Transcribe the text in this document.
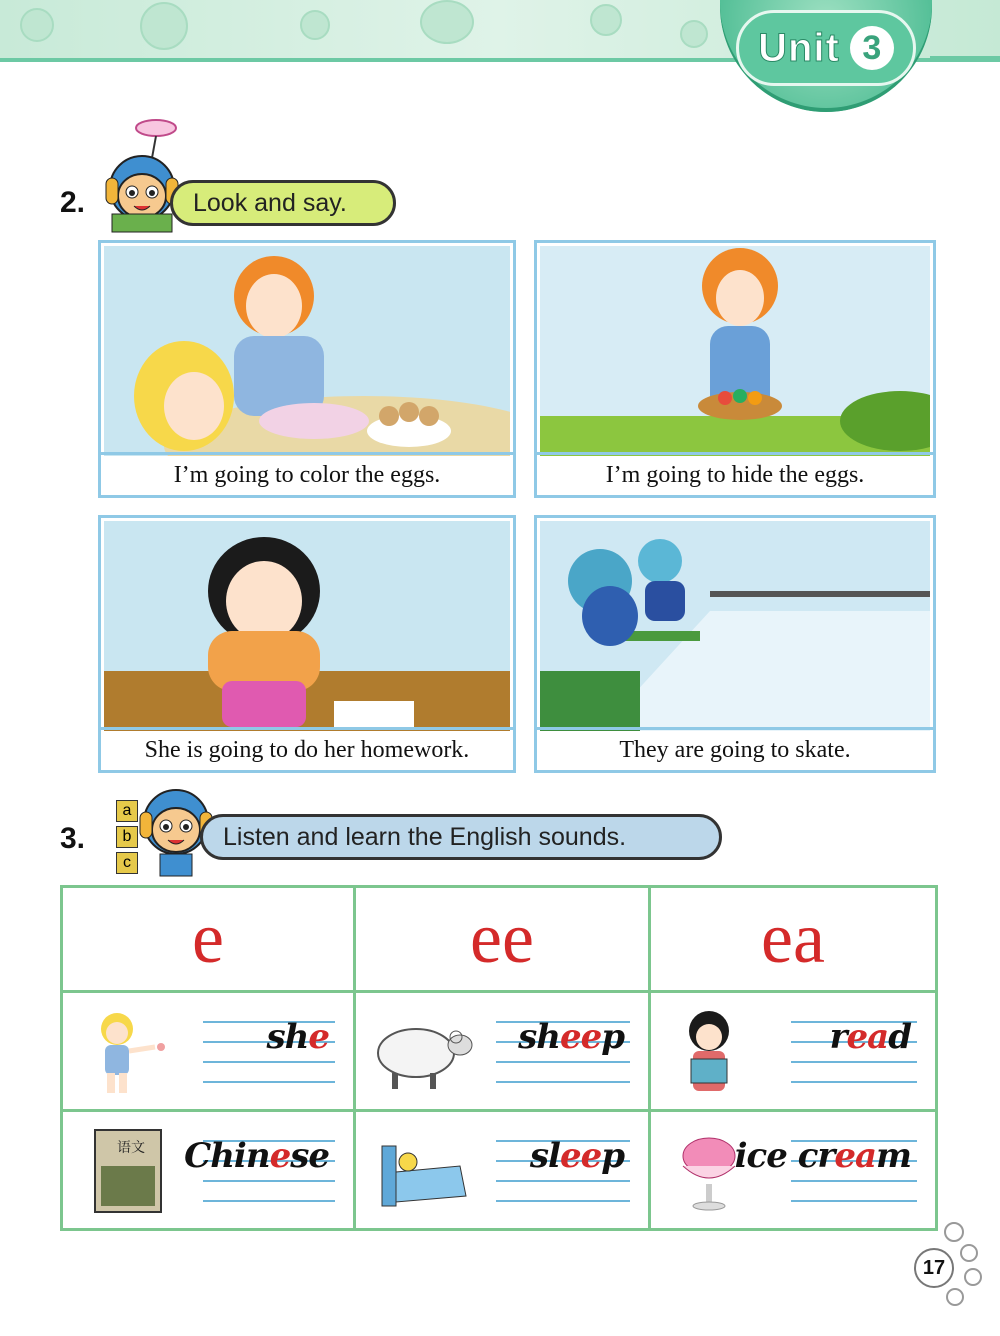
Unit 3
2.	Look and say.
I’m going to color the eggs.	I’m going to hide the eggs.
She is going to do her homework.	They are going to skate.
3.
a
b
c
Listen and learn the English sounds.
e	ee	ea

she	sheep	read

语文 Chinese	sleep	ice cream
17
